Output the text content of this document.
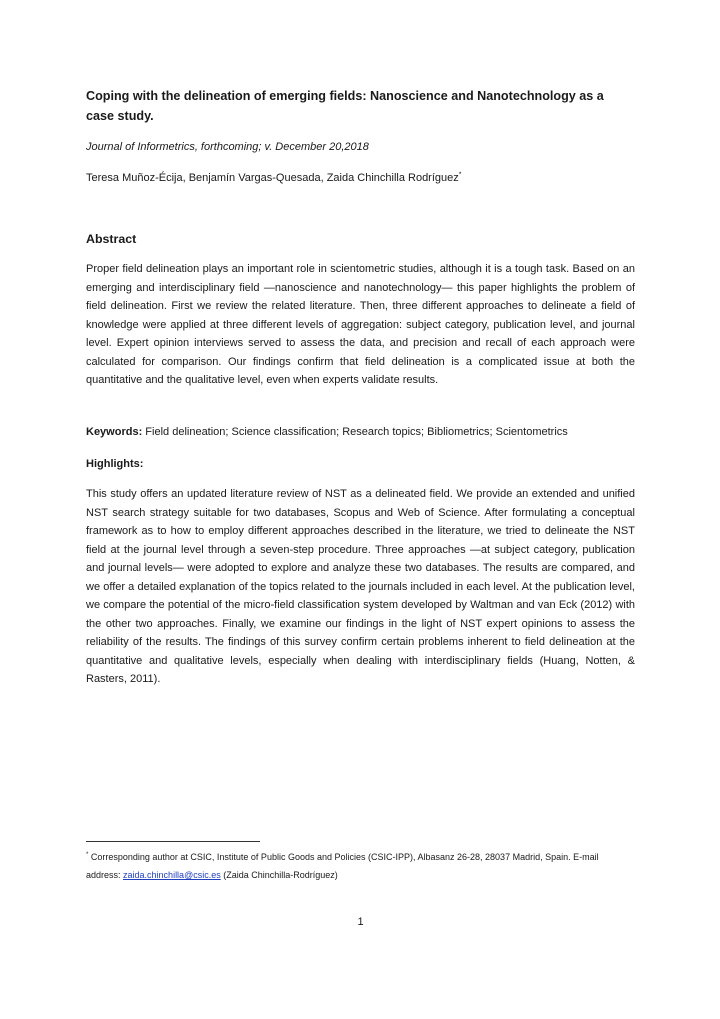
Coping with the delineation of emerging fields: Nanoscience and Nanotechnology as a case study.

Journal of Informetrics, forthcoming; v. December 20,2018

Teresa Muñoz-Écija, Benjamín Vargas-Quesada, Zaida Chinchilla Rodríguez*

Abstract

Proper field delineation plays an important role in scientometric studies, although it is a tough task. Based on an emerging and interdisciplinary field —nanoscience and nanotechnology— this paper highlights the problem of field delineation. First we review the related literature. Then, three different approaches to delineate a field of knowledge were applied at three different levels of aggregation: subject category, publication level, and journal level. Expert opinion interviews served to assess the data, and precision and recall of each approach were calculated for comparison. Our findings confirm that field delineation is a complicated issue at both the quantitative and the qualitative level, even when experts validate results.

Keywords: Field delineation; Science classification; Research topics; Bibliometrics; Scientometrics

Highlights:

This study offers an updated literature review of NST as a delineated field. We provide an extended and unified NST search strategy suitable for two databases, Scopus and Web of Science. After formulating a conceptual framework as to how to employ different approaches described in the literature, we tried to delineate the NST field at the journal level through a seven-step procedure. Three approaches —at subject category, publication and journal levels— were adopted to explore and analyze these two databases. The results are compared, and we offer a detailed explanation of the topics related to the journals included in each level. At the publication level, we compare the potential of the micro-field classification system developed by Waltman and van Eck (2012) with the other two approaches. Finally, we examine our findings in the light of NST expert opinions to assess the reliability of the results. The findings of this survey confirm certain problems inherent to field delineation at the quantitative and qualitative levels, especially when dealing with interdisciplinary fields (Huang, Notten, & Rasters, 2011).

* Corresponding author at CSIC, Institute of Public Goods and Policies (CSIC-IPP), Albasanz 26-28, 28037 Madrid, Spain. E-mail address: zaida.chinchilla@csic.es (Zaida Chinchilla-Rodríguez)

1
